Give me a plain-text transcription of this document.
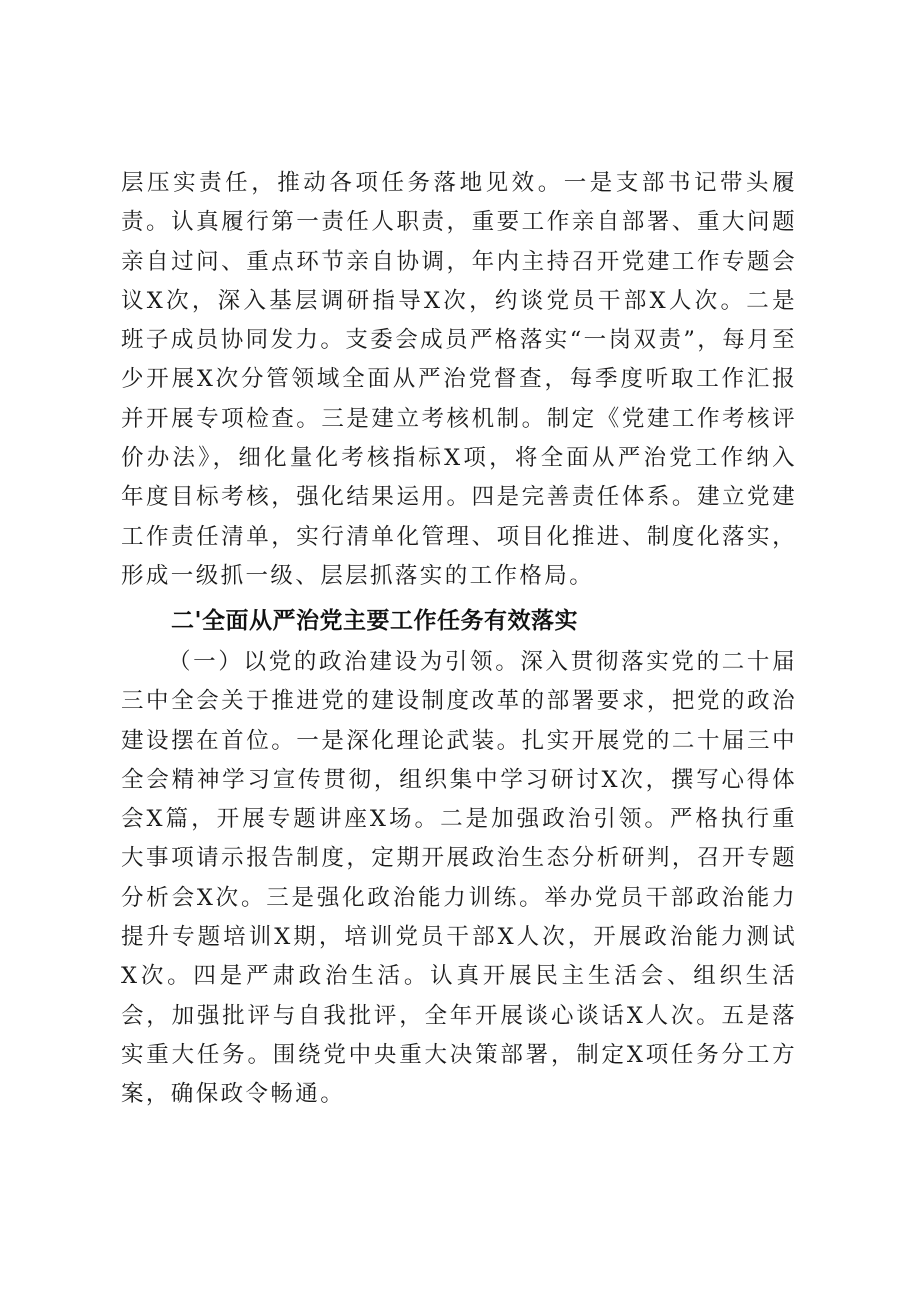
层压实责任，推动各项任务落地见效。一是支部书记带头履责。认真履行第一责任人职责，重要工作亲自部署、重大问题亲自过问、重点环节亲自协调，年内主持召开党建工作专题会议X次，深入基层调研指导X次，约谈党员干部X人次。二是班子成员协同发力。支委会成员严格落实“一岗双责”，每月至少开展X次分管领域全面从严治党督查，每季度听取工作汇报并开展专项检查。三是建立考核机制。制定《党建工作考核评价办法》，细化量化考核指标X项，将全面从严治党工作纳入年度目标考核，强化结果运用。四是完善责任体系。建立党建工作责任清单，实行清单化管理、项目化推进、制度化落实，形成一级抓一级、层层抓落实的工作格局。

二'全面从严治党主要工作任务有效落实

（一）以党的政治建设为引领。深入贯彻落实党的二十届三中全会关于推进党的建设制度改革的部署要求，把党的政治建设摆在首位。一是深化理论武装。扎实开展党的二十届三中全会精神学习宣传贯彻，组织集中学习研讨X次，撰写心得体会X篇，开展专题讲座X场。二是加强政治引领。严格执行重大事项请示报告制度，定期开展政治生态分析研判，召开专题分析会X次。三是强化政治能力训练。举办党员干部政治能力提升专题培训X期，培训党员干部X人次，开展政治能力测试X次。四是严肃政治生活。认真开展民主生活会、组织生活会，加强批评与自我批评，全年开展谈心谈话X人次。五是落实重大任务。围绕党中央重大决策部署，制定X项任务分工方案，确保政令畅通。
